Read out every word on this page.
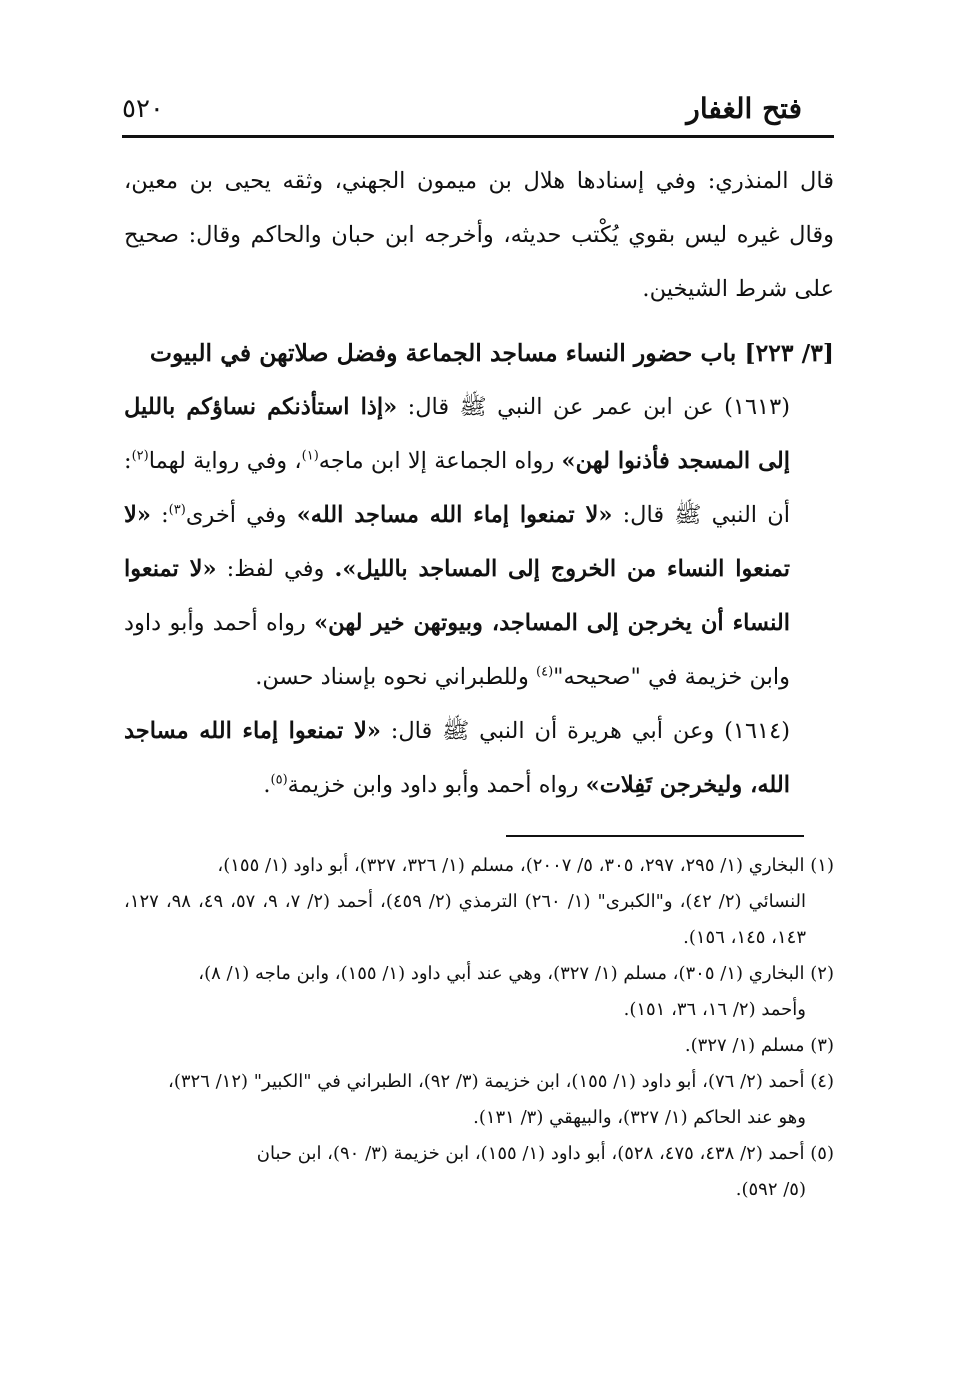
٥٢٠	فتح الغفار

قال المنذري: وفي إسنادها هلال بن ميمون الجهني، وثقه يحيى بن معين، وقال غيره ليس بقوي يُكْتب حديثه، وأخرجه ابن حبان والحاكم وقال: صحيح على شرط الشيخين.

[٣/ ٢٢٣] باب حضور النساء مساجد الجماعة وفضل صلاتهن في البيوت

(١٦١٣) عن ابن عمر عن النبي ﷺ قال: «إذا استأذنكم نساؤكم بالليل إلى المسجد فأذنوا لهن» رواه الجماعة إلا ابن ماجه$^{(١)}$، وفي رواية لهما$^{(٢)}$: أن النبي ﷺ قال: «لا تمنعوا إماء الله مساجد الله» وفي أخرى$^{(٣)}$: «لا تمنعوا النساء من الخروج إلى المساجد بالليل». وفي لفظ: «لا تمنعوا النساء أن يخرجن إلى المساجد، وبيوتهن خير لهن» رواه أحمد وأبو داود وابن خزيمة في "صحيحه"$^{(٤)}$ وللطبراني نحوه بإسناد حسن.

(١٦١٤) وعن أبي هريرة أن النبي ﷺ قال: «لا تمنعوا إماء الله مساجد الله، وليخرجن تَفِلات» رواه أحمد وأبو داود وابن خزيمة$^{(٥)}$.

(١) البخاري (١/ ٢٩٥، ٢٩٧، ٣٠٥، ٥/ ٢٠٠٧)، مسلم (١/ ٣٢٦، ٣٢٧)، أبو داود (١/ ١٥٥)،

النسائي (٢/ ٤٢)، و"الكبرى" (١/ ٢٦٠) الترمذي (٢/ ٤٥٩)، أحمد (٢/ ٧، ٩، ٥٧، ٤٩، ٩٨، ١٢٧، ١٤٣، ١٤٥، ١٥٦).

(٢) البخاري (١/ ٣٠٥)، مسلم (١/ ٣٢٧)، وهي عند أبي داود (١/ ١٥٥)، وابن ماجه (١/ ٨)،

وأحمد (٢/ ١٦، ٣٦، ١٥١).

(٣) مسلم (١/ ٣٢٧).

(٤) أحمد (٢/ ٧٦)، أبو داود (١/ ١٥٥)، ابن خزيمة (٣/ ٩٢)، الطبراني في "الكبير" (١٢/ ٣٢٦)،

وهو عند الحاكم (١/ ٣٢٧)، والبيهقي (٣/ ١٣١).

(٥) أحمد (٢/ ٤٣٨، ٤٧٥، ٥٢٨)، أبو داود (١/ ١٥٥)، ابن خزيمة (٣/ ٩٠)، ابن حبان

(٥/ ٥٩٢).
